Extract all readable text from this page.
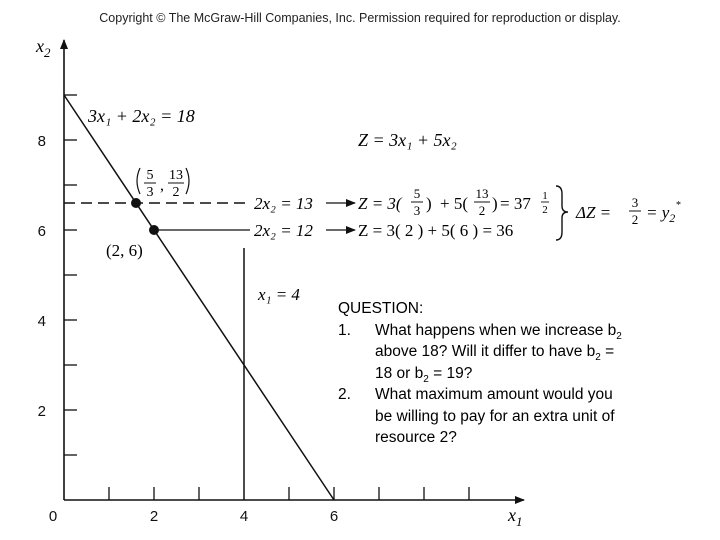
Copyright © The McGraw-Hill Companies, Inc. Permission required for reproduction or display.
$x_2$
$x_1$
8
6
4
2
0	2	4	6
3x₁ + 2x₂ = 18
Z = 3x₁ + 5x₂
5
3 ,
13
2
(2, 6)
2x₂ = 13	Z = 3(
5
3 ) + 5(
13
2 ) = 37 1
2
2x₂ = 12	Z = 3( 2 ) + 5( 6 ) = 36
ΔZ =
3
$2 = y_2$
*
x₁ = 4
QUESTION:
1. What happens when we increase $b_2$
above 18? Will it differ to have $b_2$ =
18 or $b_2 = 19$?
2. What maximum amount would you
be willing to pay for an extra unit of
resource 2?
